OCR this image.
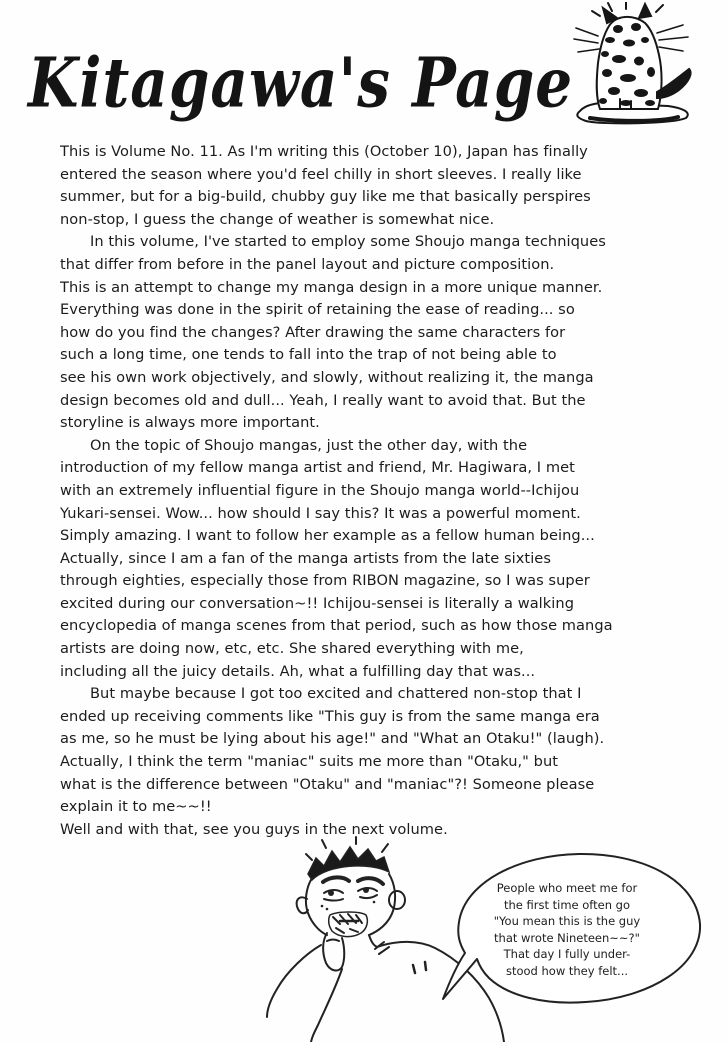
Kitagawa's Page
This is Volume No. 11. As I'm writing this (October 10), Japan has finally
entered the season where you'd feel chilly in short sleeves. I really like
summer, but for a big-build, chubby guy like me that basically perspires
non-stop, I guess the change of weather is somewhat nice.
In this volume, I've started to employ some Shoujo manga techniques
that differ from before in the panel layout and picture composition.
This is an attempt to change my manga design in a more unique manner.
Everything was done in the spirit of retaining the ease of reading... so
how do you find the changes? After drawing the same characters for
such a long time, one tends to fall into the trap of not being able to
see his own work objectively, and slowly, without realizing it, the manga
design becomes old and dull... Yeah, I really want to avoid that. But the
storyline is always more important.
On the topic of Shoujo mangas, just the other day, with the
introduction of my fellow manga artist and friend, Mr. Hagiwara, I met
with an extremely influential figure in the Shoujo manga world--Ichijou
Yukari-sensei. Wow... how should I say this? It was a powerful moment.
Simply amazing. I want to follow her example as a fellow human being...
Actually, since I am a fan of the manga artists from the late sixties
through eighties, especially those from RIBON magazine, so I was super
excited during our conversation~!! Ichijou-sensei is literally a walking
encyclopedia of manga scenes from that period, such as how those manga
artists are doing now, etc, etc. She shared everything with me,
including all the juicy details. Ah, what a fulfilling day that was...
But maybe because I got too excited and chattered non-stop that I
ended up receiving comments like "This guy is from the same manga era
as me, so he must be lying about his age!" and "What an Otaku!" (laugh).
Actually, I think the term "maniac" suits me more than "Otaku," but
what is the difference between "Otaku" and "maniac"?! Someone please
explain it to me~~!!
Well and with that, see you guys in the next volume.
People who meet me for
the first time often go
"You mean this is the guy
that wrote Nineteen~~?"
That day I fully under-
stood how they felt...
